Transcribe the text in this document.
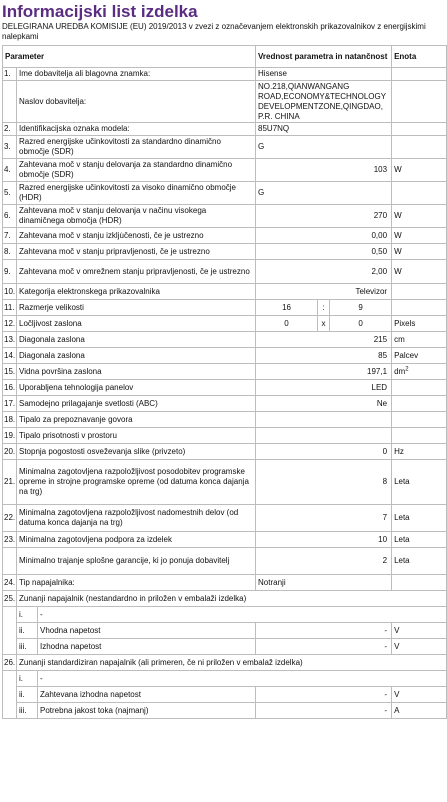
Informacijski list izdelka
DELEGIRANA UREDBA KOMISIJE (EU) 2019/2013 v zvezi z označevanjem elektronskih prikazovalnikov z energijskimi nalepkami
Parameter			Vrednost parametra in natančnost			Enota
1.	Ime dobavitelja ali blagovna znamka:		Hisense			
	Naslov dobavitelja:		NO.218,QIANWANGANG ROAD,ECONOMY&TECHNOLOGY DEVELOPMENTZONE,QINGDAO, P.R. CHINA			
2.	Identifikacijska oznaka modela:		85U7NQ			
3.	Razred energijske učinkovitosti za standardno dinamično območje (SDR)		G			
4.	Zahtevana moč v stanju delovanja za standardno dinamično območje (SDR)		103			W
5.	Razred energijske učinkovitosti za visoko dinamično območje (HDR)		G			
6.	Zahtevana moč v stanju delovanja v načinu visokega dinamičnega območja (HDR)		270			W
7.	Zahtevana moč v stanju izklju̇čenosti, če je ustrezno		0,00			W
8.	Zahtevana moč v stanju pripravljenosti, če je ustrezno		0,50			W
9.	Zahtevana moč v omrežnem stanju pripravljenosti, če je ustrezno		2,00			W
10.	Kategorija elektronskega prikazovalnika		Televizor			
11.	Razmerje velikosti		16	:	9	
12.	Ločljivost zaslona		0	x	0	Pixels
13.	Diagonala zaslona		215			cm
14.	Diagonala zaslona		85			Palcev
15.	Vidna površina zaslona		197,1			$dm^2$
16.	Uporabljena tehnologija panelov		LED			
17.	Samodejno prilagajanje svetlosti (ABC)		Ne			
18.	Tipalo za prepoznavanje govora					
19.	Tipalo prisotnosti v prostoru					
20.	Stopnja pogostosti osveževanja slike (privzeto)		0			Hz
21.	Minimalna zagotovljena razpoložljivost posodobitev programske opreme in strojne programske opreme (od datuma konca dajanja na trg)		8			Leta
22.	Minimalna zagotovljena razpoložljivost nadomestnih delov (od datuma konca dajanja na trg)		7			Leta
23.	Minimalna zagotovljena podpora za izdelek		10			Leta
	Minimalno trajanje splošne garancije, ki jo ponuja dobavitelj		2			Leta
24.	Tip napajalnika:		Notranji			
25.	Zunanji napajalnik (nestandardno in priložen v embalaži izdelka)					
	i.	-				
	ii.	Vhodna napetost	-			V
	iii.	Izhodna napetost	-			V
26.	Zunanji standardiziran napajalnik (ali primeren, če ni priložen v embalaž izdelka)					
	i.	-				
	ii.	Zahtevana izhodna napetost	-			V
	iii.	Potrebna jakost toka (najmanj)	-			A
